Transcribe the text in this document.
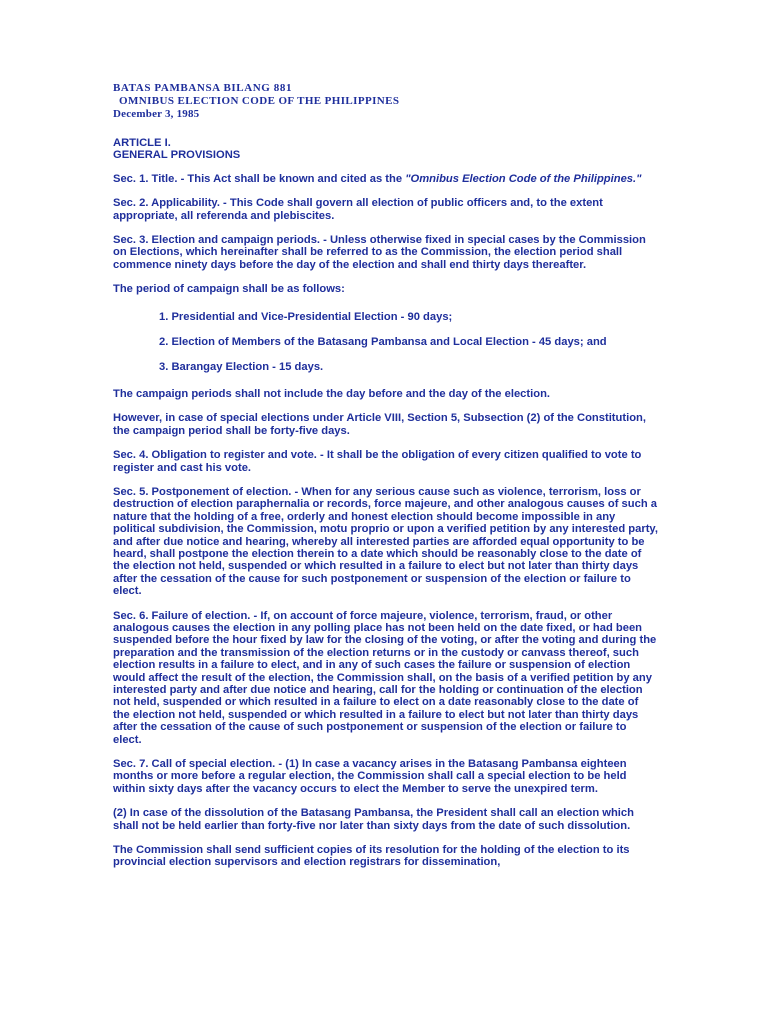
BATAS PAMBANSA BILANG 881
OMNIBUS ELECTION CODE OF THE PHILIPPINES
December 3, 1985
ARTICLE I.
GENERAL PROVISIONS

Sec. 1. Title. - This Act shall be known and cited as the "Omnibus Election Code of the Philippines."

Sec. 2. Applicability. - This Code shall govern all election of public officers and, to the extent appropriate, all referenda and plebiscites.

Sec. 3. Election and campaign periods. - Unless otherwise fixed in special cases by the Commission on Elections, which hereinafter shall be referred to as the Commission, the election period shall commence ninety days before the day of the election and shall end thirty days thereafter.

The period of campaign shall be as follows:

1. Presidential and Vice-Presidential Election - 90 days;

2. Election of Members of the Batasang Pambansa and Local Election - 45 days; and

3. Barangay Election - 15 days.

The campaign periods shall not include the day before and the day of the election.

However, in case of special elections under Article VIII, Section 5, Subsection (2) of the Constitution, the campaign period shall be forty-five days.

Sec. 4. Obligation to register and vote. - It shall be the obligation of every citizen qualified to vote to register and cast his vote.

Sec. 5. Postponement of election. - When for any serious cause such as violence, terrorism, loss or destruction of election paraphernalia or records, force majeure, and other analogous causes of such a nature that the holding of a free, orderly and honest election should become impossible in any political subdivision, the Commission, motu proprio or upon a verified petition by any interested party, and after due notice and hearing, whereby all interested parties are afforded equal opportunity to be heard, shall postpone the election therein to a date which should be reasonably close to the date of the election not held, suspended or which resulted in a failure to elect but not later than thirty days after the cessation of the cause for such postponement or suspension of the election or failure to elect.

Sec. 6. Failure of election. - If, on account of force majeure, violence, terrorism, fraud, or other analogous causes the election in any polling place has not been held on the date fixed, or had been suspended before the hour fixed by law for the closing of the voting, or after the voting and during the preparation and the transmission of the election returns or in the custody or canvass thereof, such election results in a failure to elect, and in any of such cases the failure or suspension of election would affect the result of the election, the Commission shall, on the basis of a verified petition by any interested party and after due notice and hearing, call for the holding or continuation of the election not held, suspended or which resulted in a failure to elect on a date reasonably close to the date of the election not held, suspended or which resulted in a failure to elect but not later than thirty days after the cessation of the cause of such postponement or suspension of the election or failure to elect.

Sec. 7. Call of special election. - (1) In case a vacancy arises in the Batasang Pambansa eighteen months or more before a regular election, the Commission shall call a special election to be held within sixty days after the vacancy occurs to elect the Member to serve the unexpired term.

(2) In case of the dissolution of the Batasang Pambansa, the President shall call an election which shall not be held earlier than forty-five nor later than sixty days from the date of such dissolution.

The Commission shall send sufficient copies of its resolution for the holding of the election to its provincial election supervisors and election registrars for dissemination,
